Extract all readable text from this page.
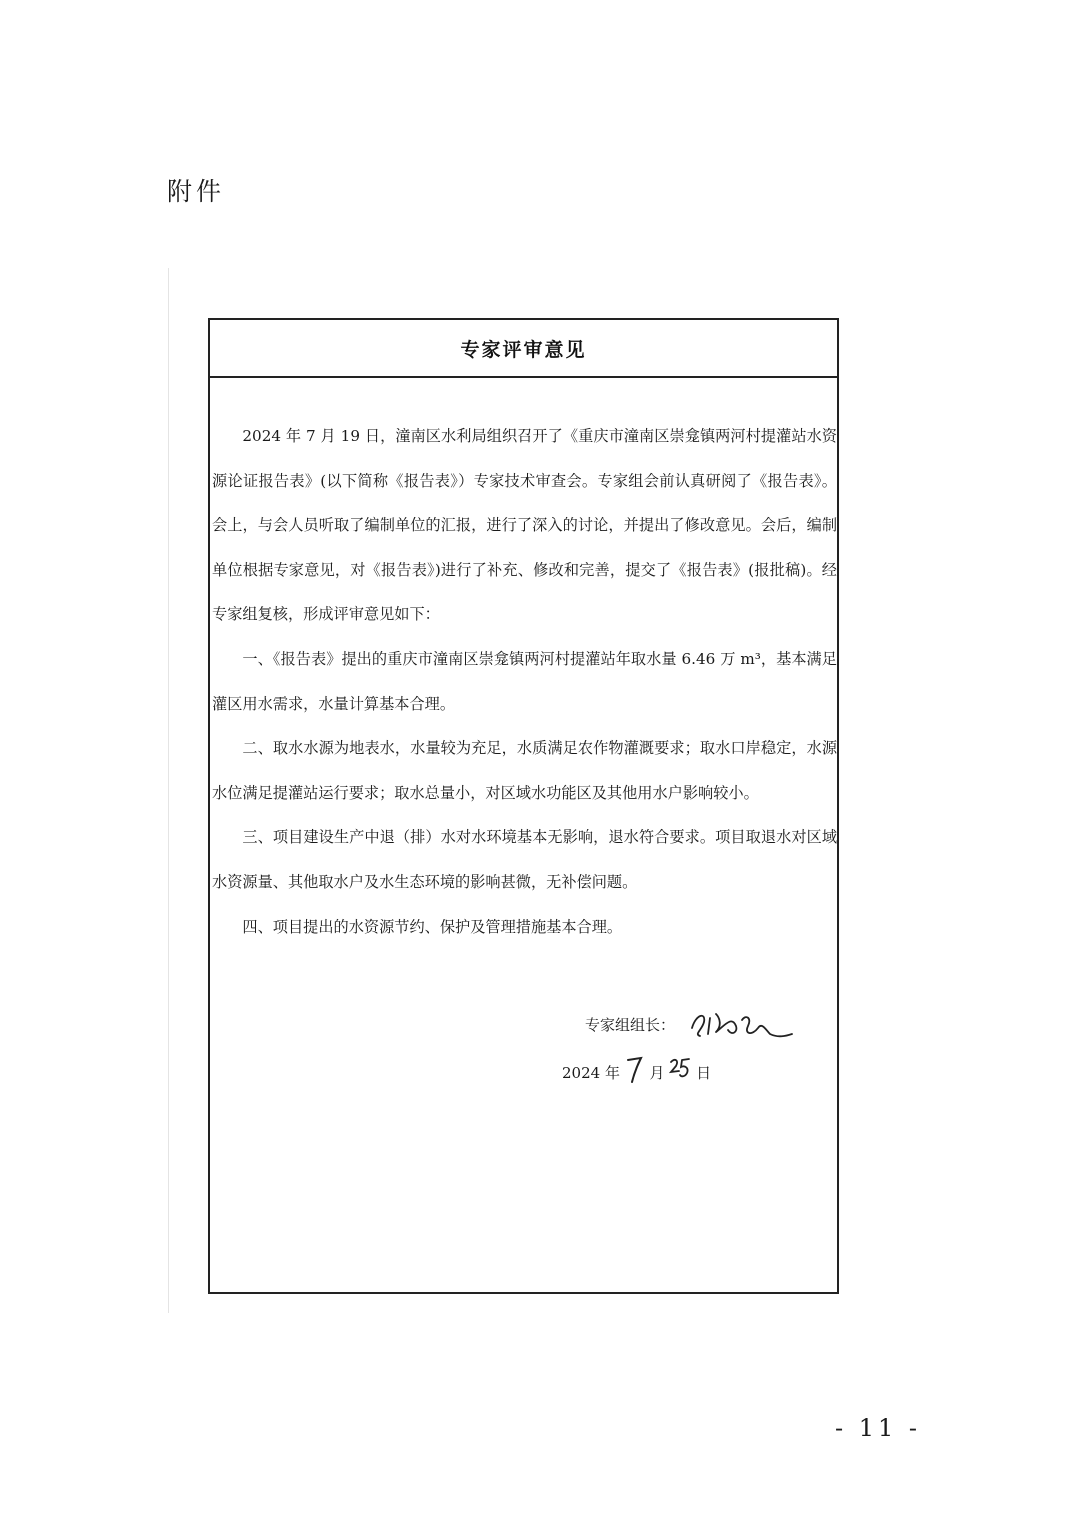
附件
专家评审意见

2024 年 7 月 19 日，潼南区水利局组织召开了《重庆市潼南区崇龛镇两河村提灌站水资源论证报告表》(以下简称《报告表》）专家技术审查会。专家组会前认真研阅了《报告表》。会上，与会人员听取了编制单位的汇报，进行了深入的讨论，并提出了修改意见。会后，编制单位根据专家意见，对《报告表》)进行了补充、修改和完善，提交了《报告表》(报批稿)。经专家组复核，形成评审意见如下：

一、《报告表》提出的重庆市潼南区崇龛镇两河村提灌站年取水量 6.46 万 m³，基本满足灌区用水需求，水量计算基本合理。

二、取水水源为地表水，水量较为充足，水质满足农作物灌溉要求；取水口岸稳定，水源水位满足提灌站运行要求；取水总量小，对区域水功能区及其他用水户影响较小。

三、项目建设生产中退（排）水对水环境基本无影响，退水符合要求。项目取退水对区域水资源量、其他取水户及水生态环境的影响甚微，无补偿问题。

四、项目提出的水资源节约、保护及管理措施基本合理。

专家组组长：
2024 年 月 日
- 11 -
